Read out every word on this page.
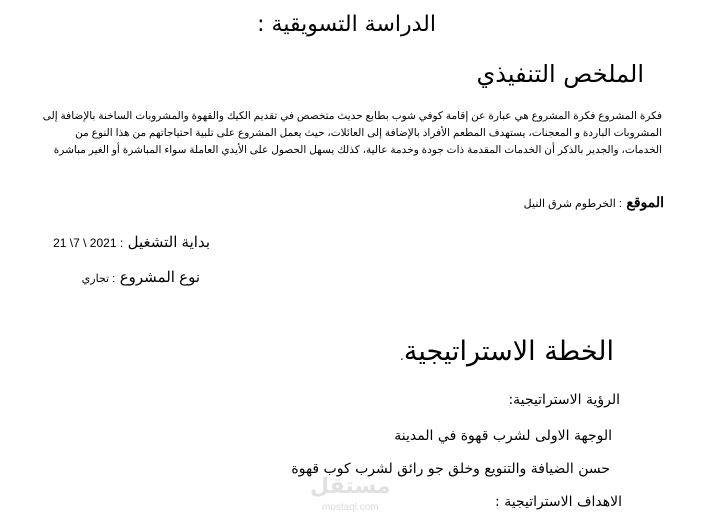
الدراسة التسويقية :
الملخص التنفيذي
فكرة المشروع فكرة المشروع هي عبارة عن إقامة كوفي شوب بطابع حديث متخصص في تقديم الكيك والقهوة والمشروبات الساخنة بالإضافة إلى المشروبات الباردة و المعجنات، يستهدف المطعم الأفراد بالإضافة إلى العائلات، حيث يعمل المشروع على تلبية احتياجاتهم من هذا النوع من الخدمات، والجدير بالذكر أن الخدمات المقدمة ذات جودة وخدمة عالية، كذلك يسهل الحصول على الأيدي العاملة سواء المباشرة أو الغير مباشرة
الموقع : الخرطوم شرق النيل
بداية التشغيل : 2021 \ 7\ 21
نوع المشروع : تجاري
الخطة الاستراتيجية.
الرؤية الاستراتيجية:
الوجهة الاولى لشرب قهوة في المدينة
حسن الضيافة والتنويع وخلق جو رائق لشرب كوب قهوة
الاهداف الاستراتيجية :
مستقل
mostaql.com
